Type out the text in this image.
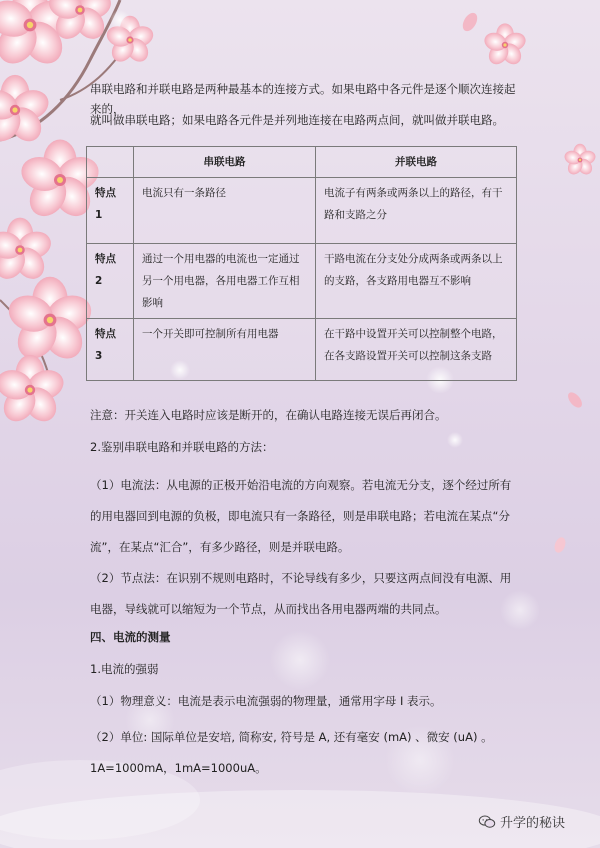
串联电路和并联电路是两种最基本的连接方式。如果电路中各元件是逐个顺次连接起来的，

就叫做串联电路；如果电路各元件是并列地连接在电路两点间，就叫做并联电路。

	串联电路	并联电路
特点 1	电流只有一条路径	电流子有两条或两条以上的路径，有干路和支路之分
特点 2	通过一个用电器的电流也一定通过另一个用电器，各用电器工作互相影响	干路电流在分支处分成两条或两条以上的支路，各支路用电器互不影响
特点 3	一个开关即可控制所有用电器	在干路中设置开关可以控制整个电路，在各支路设置开关可以控制这条支路

注意：开关连入电路时应该是断开的，在确认电路连接无误后再闭合。

2.鉴别串联电路和并联电路的方法：

（1）电流法：从电源的正极开始沿电流的方向观察。若电流无分支，逐个经过所有的用电器回到电源的负极，即电流只有一条路径，则是串联电路；若电流在某点“分流”，在某点“汇合”，有多少路径，则是并联电路。

（2）节点法：在识别不规则电路时，不论导线有多少，只要这两点间没有电源、用电器，导线就可以缩短为一个节点，从而找出各用电器两端的共同点。

四、电流的测量

1.电流的强弱

（1）物理意义：电流是表示电流强弱的物理量，通常用字母 I 表示。

（2）单位: 国际单位是安培, 简称安, 符号是 A, 还有毫安 (mA) 、微安 (uA) 。1A=1000mA，1mA=1000uA。

升学的秘诀
